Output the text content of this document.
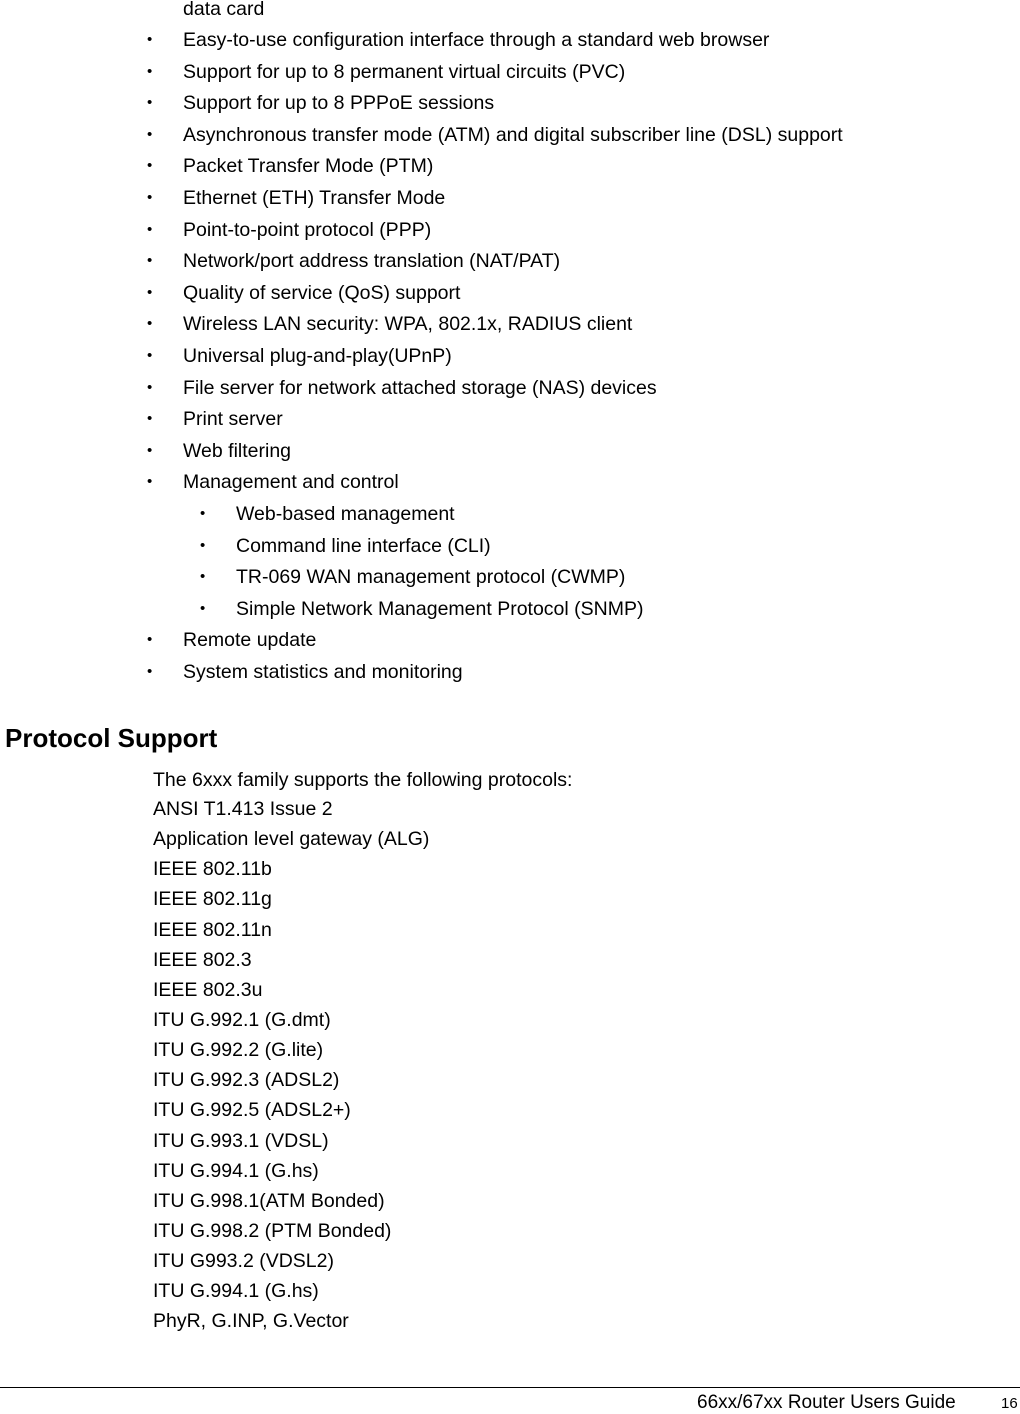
data card
• Easy-to-use configuration interface through a standard web browser
• Support for up to 8 permanent virtual circuits (PVC)
• Support for up to 8 PPPoE sessions
• Asynchronous transfer mode (ATM) and digital subscriber line (DSL) support
• Packet Transfer Mode (PTM)
• Ethernet (ETH) Transfer Mode
• Point-to-point protocol (PPP)
• Network/port address translation (NAT/PAT)
• Quality of service (QoS) support
• Wireless LAN security: WPA, 802.1x, RADIUS client
• Universal plug-and-play(UPnP)
• File server for network attached storage (NAS) devices
• Print server
• Web filtering
• Management and control
• Web-based management
• Command line interface (CLI)
• TR-069 WAN management protocol (CWMP)
• Simple Network Management Protocol (SNMP)
• Remote update
• System statistics and monitoring
Protocol Support
The 6xxx family supports the following protocols:
ANSI T1.413 Issue 2
Application level gateway (ALG)
IEEE 802.11b
IEEE 802.11g
IEEE 802.11n
IEEE 802.3
IEEE 802.3u
ITU G.992.1 (G.dmt)
ITU G.992.2 (G.lite)
ITU G.992.3 (ADSL2)
ITU G.992.5 (ADSL2+)
ITU G.993.1 (VDSL)
ITU G.994.1 (G.hs)
ITU G.998.1(ATM Bonded)
ITU G.998.2 (PTM Bonded)
ITU G993.2 (VDSL2)
ITU G.994.1 (G.hs)
PhyR, G.INP, G.Vector
66xx/67xx Router Users Guide	16
